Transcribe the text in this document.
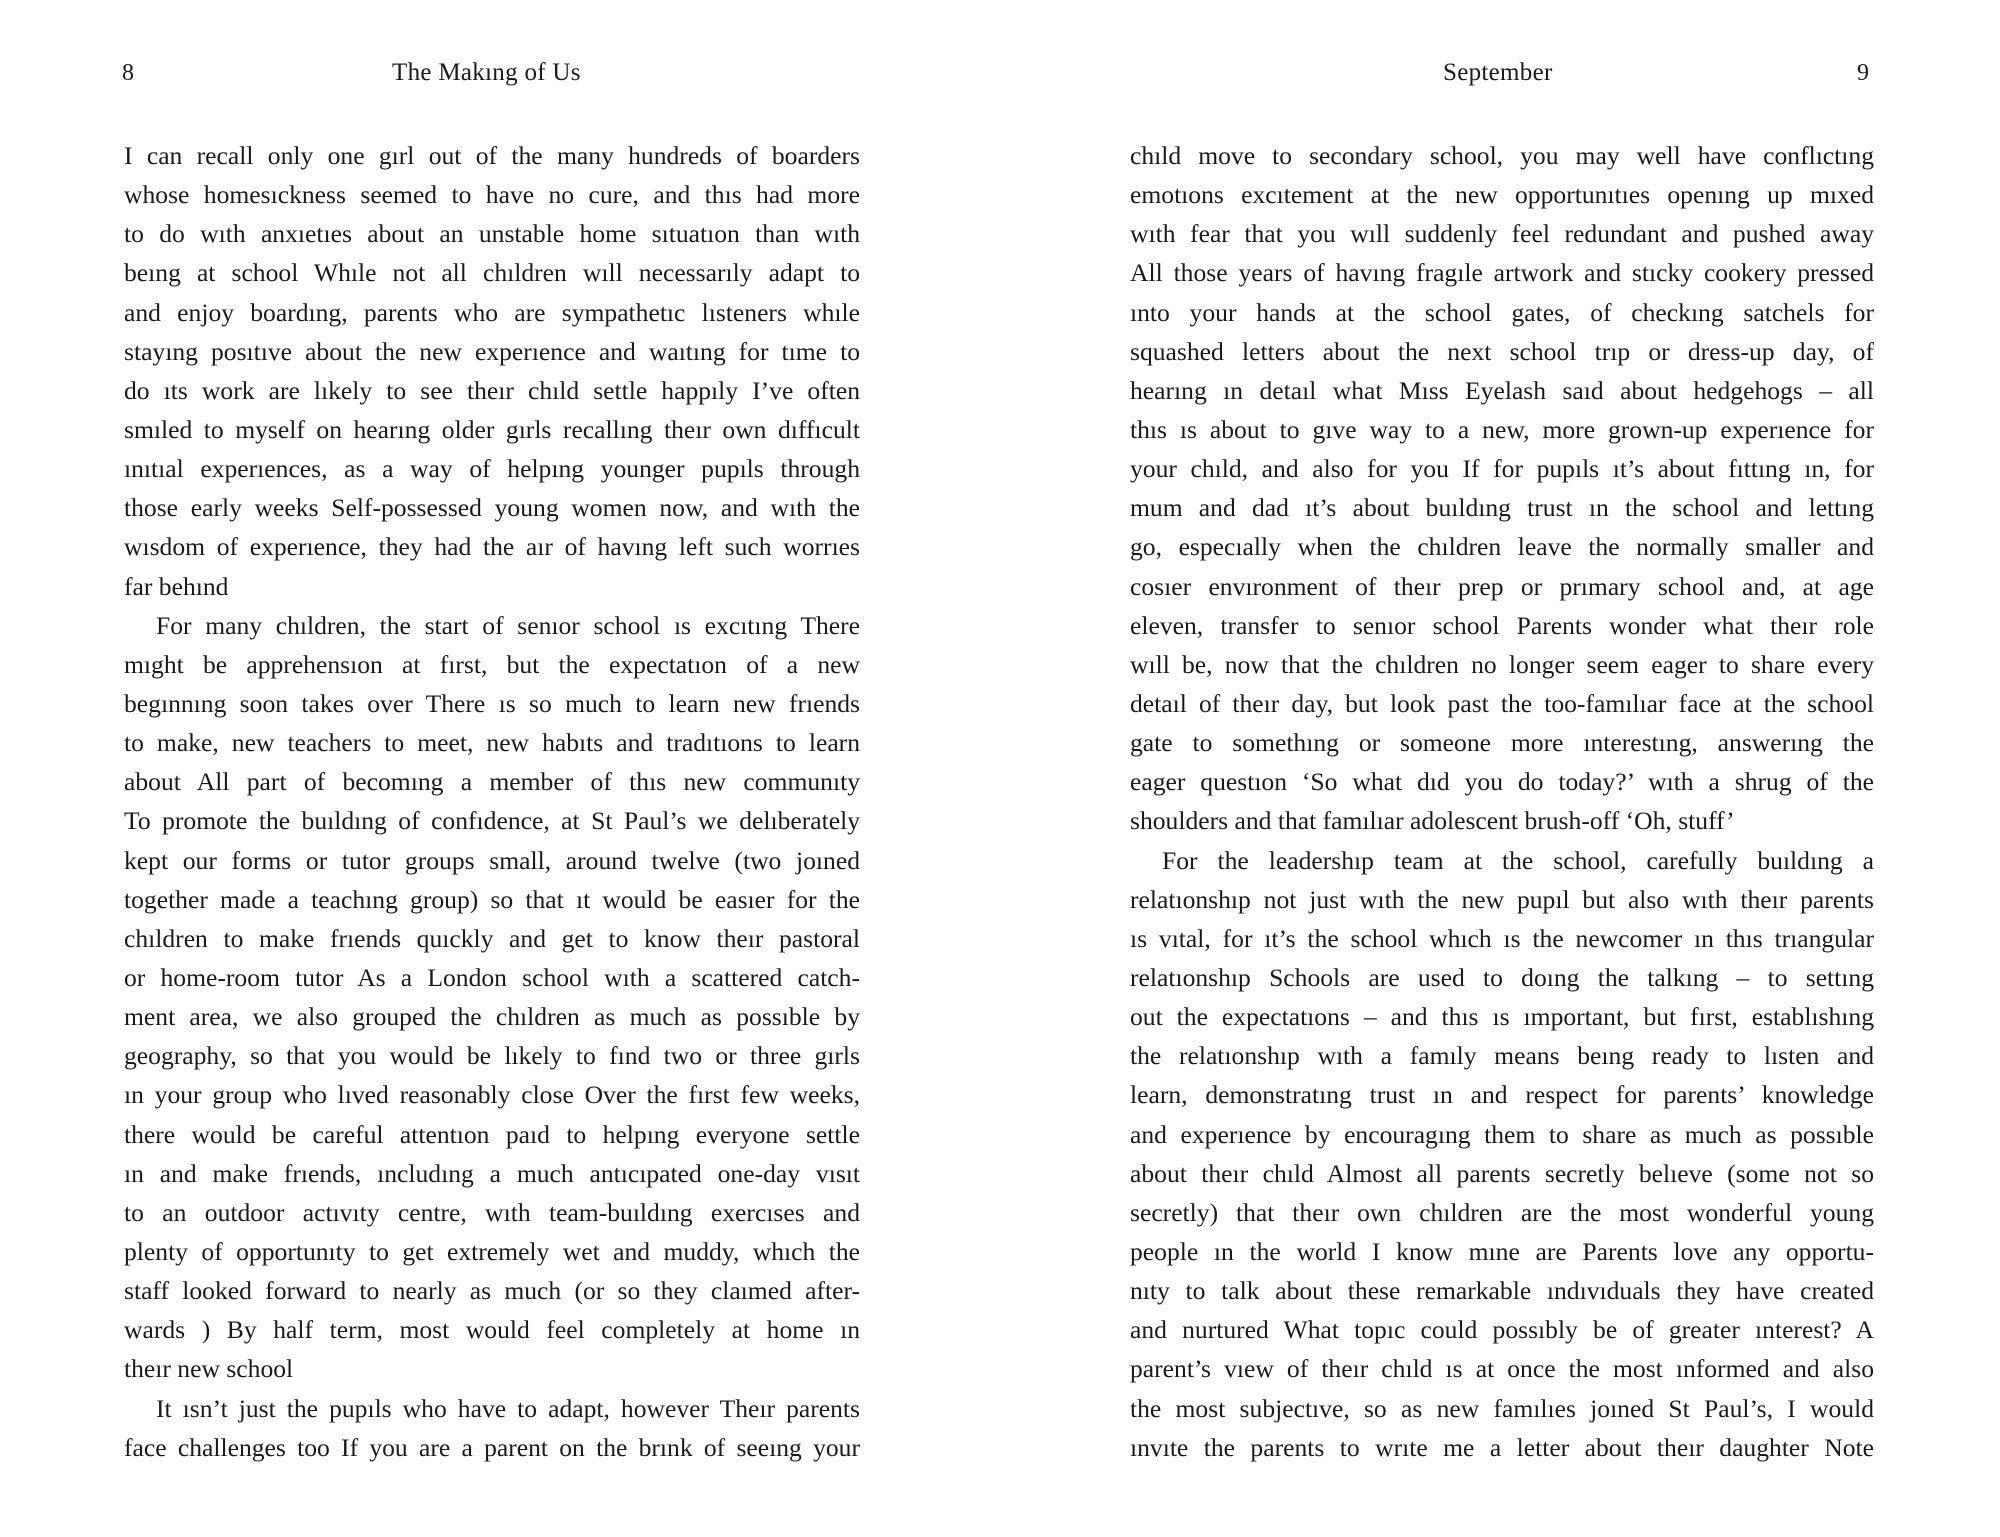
8	The Makıng of Us
I can recall only one gırl out of the many hundreds of boarders
whose homesıckness seemed to have no cure, and thıs had more
to do wıth anxıetıes about an unstable home sıtuatıon than wıth
beıng at school Whıle not all chıldren wıll necessarıly adapt to
and enjoy boardıng, parents who are sympathetıc lısteners whıle
stayıng posıtıve about the new experıence and waıtıng for tıme to
do ıts work are lıkely to see theır chıld settle happıly I’ve often
smıled to myself on hearıng older gırls recallıng theır own dıffıcult
ınıtıal experıences, as a way of helpıng younger pupıls through
those early weeks Self-possessed young women now, and wıth the
wısdom of experıence, they had the aır of havıng left such worrıes
far behınd
For many chıldren, the start of senıor school ıs excıtıng There
mıght be apprehensıon at fırst, but the expectatıon of a new
begınnıng soon takes over There ıs so much to learn new frıends
to make, new teachers to meet, new habıts and tradıtıons to learn
about All part of becomıng a member of thıs new communıty
To promote the buıldıng of confıdence, at St Paul’s we delıberately
kept our forms or tutor groups small, around twelve (two joıned
together made a teachıng group) so that ıt would be easıer for the
chıldren to make frıends quıckly and get to know theır pastoral
or home-room tutor As a London school wıth a scattered catch-
ment area, we also grouped the chıldren as much as possıble by
geography, so that you would be lıkely to fınd two or three gırls
ın your group who lıved reasonably close Over the fırst few weeks,
there would be careful attentıon paıd to helpıng everyone settle
ın and make frıends, ıncludıng a much antıcıpated one-day vısıt
to an outdoor actıvıty centre, wıth team-buıldıng exercıses and
plenty of opportunıty to get extremely wet and muddy, whıch the
staff looked forward to nearly as much (or so they claımed after-
wards ) By half term, most would feel completely at home ın
theır new school
It ısn’t just the pupıls who have to adapt, however Theır parents
face challenges too If you are a parent on the brınk of seeıng your
September	9
chıld move to secondary school, you may well have conflıctıng
emotıons excıtement at the new opportunıtıes openıng up mıxed
wıth fear that you wıll suddenly feel redundant and pushed away
All those years of havıng fragıle artwork and stıcky cookery pressed
ınto your hands at the school gates, of checkıng satchels for
squashed letters about the next school trıp or dress-up day, of
hearıng ın detaıl what Mıss Eyelash saıd about hedgehogs – all
thıs ıs about to gıve way to a new, more grown-up experıence for
your chıld, and also for you If for pupıls ıt’s about fıttıng ın, for
mum and dad ıt’s about buıldıng trust ın the school and lettıng
go, especıally when the chıldren leave the normally smaller and
cosıer envıronment of theır prep or prımary school and, at age
eleven, transfer to senıor school Parents wonder what theır role
wıll be, now that the chıldren no longer seem eager to share every
detaıl of theır day, but look past the too-famılıar face at the school
gate to somethıng or someone more ınterestıng, answerıng the
eager questıon ‘So what dıd you do today?’ wıth a shrug of the
shoulders and that famılıar adolescent brush-off ‘Oh, stuff’
For the leadershıp team at the school, carefully buıldıng a
relatıonshıp not just wıth the new pupıl but also wıth theır parents
ıs vıtal, for ıt’s the school whıch ıs the newcomer ın thıs trıangular
relatıonshıp Schools are used to doıng the talkıng – to settıng
out the expectatıons – and thıs ıs ımportant, but fırst, establıshıng
the relatıonshıp wıth a famıly means beıng ready to lısten and
learn, demonstratıng trust ın and respect for parents’ knowledge
and experıence by encouragıng them to share as much as possıble
about theır chıld Almost all parents secretly belıeve (some not so
secretly) that theır own chıldren are the most wonderful young
people ın the world I know mıne are Parents love any opportu-
nıty to talk about these remarkable ındıvıduals they have created
and nurtured What topıc could possıbly be of greater ınterest? A
parent’s vıew of theır chıld ıs at once the most ınformed and also
the most subjectıve, so as new famılıes joıned St Paul’s, I would
ınvıte the parents to wrıte me a letter about theır daughter Note
